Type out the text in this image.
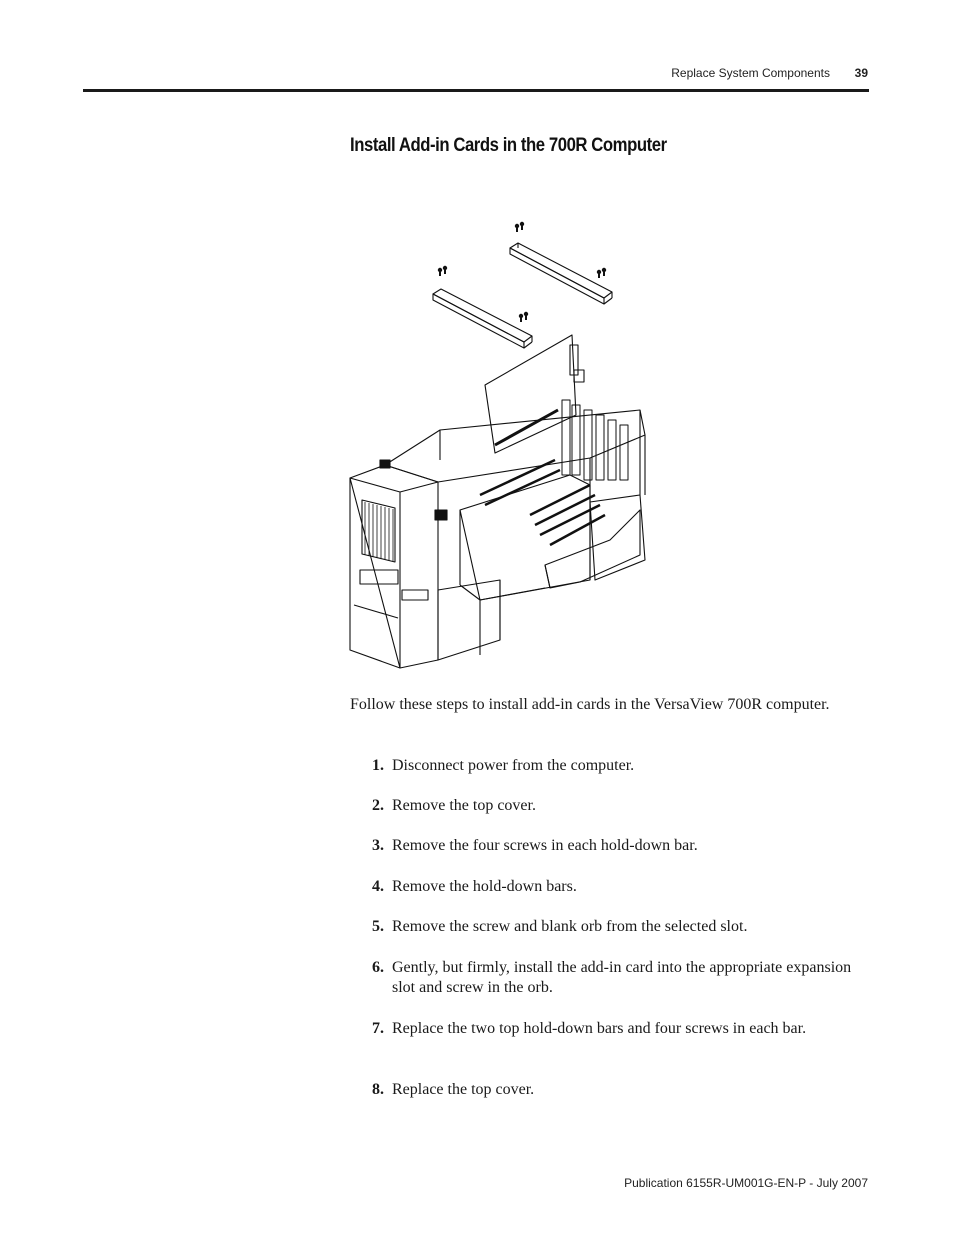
Replace System Components 39
Install Add-in Cards in the 700R Computer

Follow these steps to install add-in cards in the VersaView 700R computer.

1. Disconnect power from the computer.
2. Remove the top cover.
3. Remove the four screws in each hold-down bar.
4. Remove the hold-down bars.
5. Remove the screw and blank orb from the selected slot.
6. Gently, but firmly, install the add-in card into the appropriate expansion slot and screw in the orb.
7. Replace the two top hold-down bars and four screws in each bar.
8. Replace the top cover.
Publication 6155R-UM001G-EN-P - July 2007
